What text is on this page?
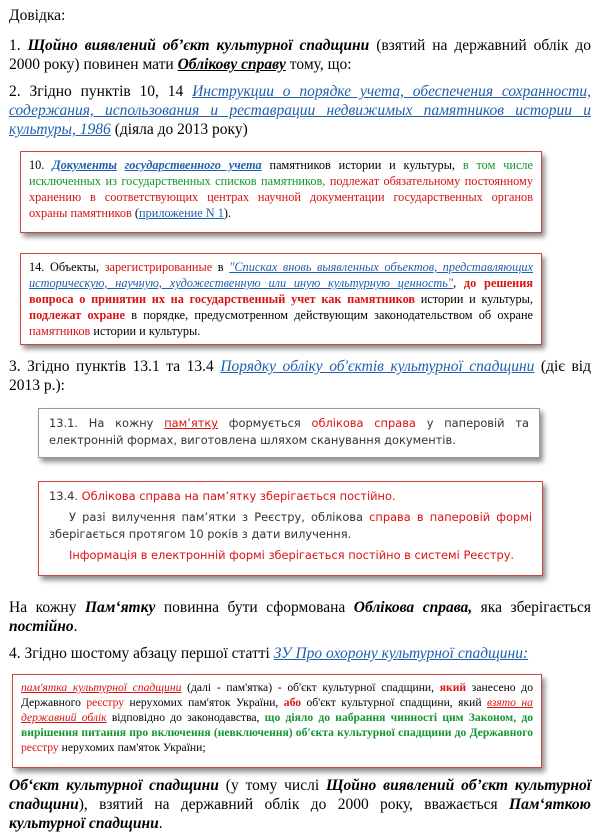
Довідка:

1. Щойно виявлений об’єкт культурної спадщини (взятий на державний облік до 2000 року) повинен мати Облікову справу тому, що:

2. Згідно пунктів 10, 14 Инструкции о порядке учета, обеспечения сохранности, содержания, использования и реставрации недвижимых памятников истории и культуры, 1986 (діяла до 2013 року)

10. Документы государственного учета памятников истории и культуры, в том числе исключенных из государственных списков памятников, подлежат обязательному постоянному хранению в соответствующих центрах научной документации государственных органов охраны памятников (приложение N 1).

14. Объекты, зарегистрированные в "Списках вновь выявленных объектов, представляющих историческую, научную, художественную или иную культурную ценность", до решения вопроса о принятии их на государственный учет как памятников истории и культуры, подлежат охране в порядке, предусмотренном действующим законодательством об охране памятников истории и культуры.

3. Згідно пунктів 13.1 та 13.4 Порядку обліку об'єктів культурної спадщини (діє від 2013 р.):

13.1. На кожну пам’ятку формується облікова справа у паперовій та електронній формах, виготовлена шляхом сканування документів.

13.4. Облікова справа на пам’ятку зберігається постійно.

У разі вилучення пам’ятки з Реєстру, облікова справа в паперовій формі зберігається протягом 10 років з дати вилучення.

Інформація в електронній формі зберігається постійно в системі Реєстру.

На кожну Пам‘ятку повинна бути сформована Облікова справа, яка зберігається постійно.

4. Згідно шостому абзацу першої статті ЗУ Про охорону культурної спадщини:

пам'ятка культурної спадщини (далі - пам'ятка) - об'єкт культурної спадщини, який занесено до Державного реєстру нерухомих пам'яток України, або об'єкт культурної спадщини, який взято на державний облік відповідно до законодавства, що діяло до набрання чинності цим Законом, до вирішення питання про включення (невключення) об'єкта культурної спадщини до Державного реєстру нерухомих пам'яток України;

Об‘єкт культурної спадщини (у тому числі Щойно виявлений об’єкт культурної спадщини), взятий на державний облік до 2000 року, вважається Пам‘яткою культурної спадщини.
